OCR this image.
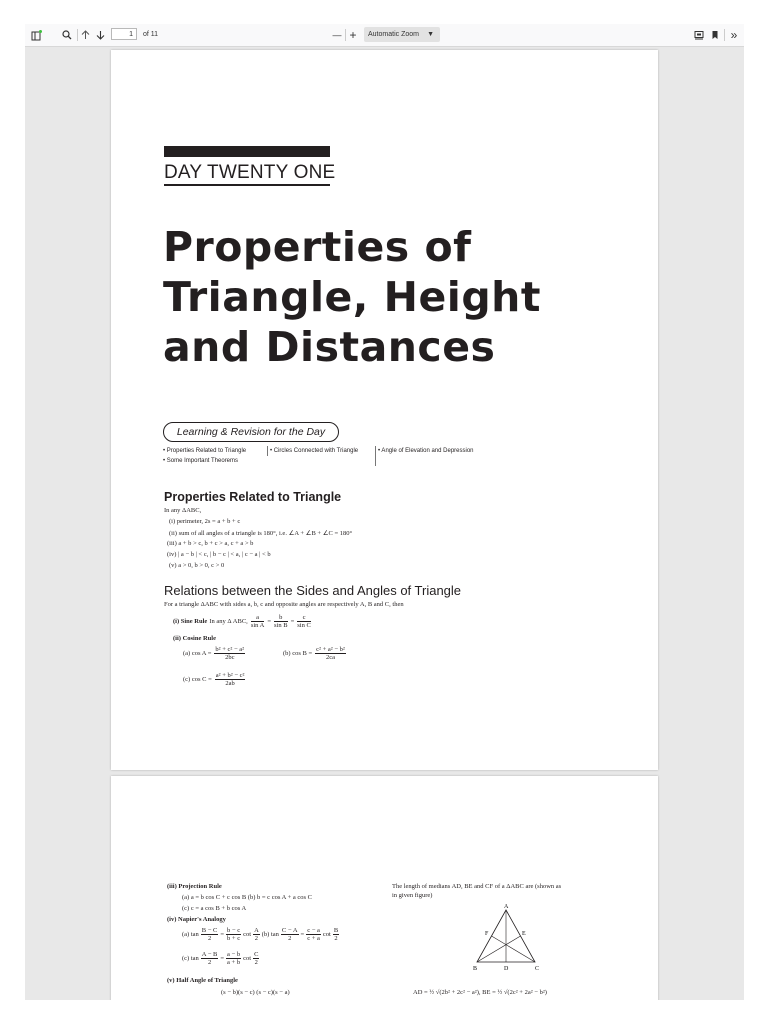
1	of 11	— +	Automatic Zoom ▼	»
DAY TWENTY ONE
Properties of
Triangle, Height
and Distances
Learning & Revision for the Day
• Properties Related to Triangle	• Circles Connected with Triangle	• Angle of Elevation and Depression
• Some Important Theorems
Properties Related to Triangle
In any ΔABC,
(i) perimeter, 2s = a + b + c
(ii) sum of all angles of a triangle is 180°, i.e. ∠A + ∠B + ∠C = 180°
(iii) a + b > c, b + c > a, c + a > b
(iv) | a − b | < c, | b − c | < a, | c − a | < b
(v) a > 0, b > 0, c > 0
Relations between the Sides and Angles of Triangle
For a triangle ΔABC with sides a, b, c and opposite angles are respectively A, B and C, then
(i) Sine Rule In any Δ ABC, $\frac{a}{\text{sin A}} = \frac{b}{\text{sin B}} = \frac{c}{\text{sin C}}$
(ii) Cosine Rule
(a) $\cos A = \frac{\text{b² + c² − a²}}{2bc}$	(b) $\cos B = \frac{\text{c² + a² − b²}}{2ca}$
(c) $\cos C = \frac{\text{a² + b² − c²}}{2ab}$
(iii) Projection Rule
(a) a = b cos C + c cos B (b) b = c cos A + a cos C
(c) c = a cos B + b cos A
(iv) Napier's Analogy
(a) $\tan \frac{B - C}{2} = \frac{b - c}{b + c}$ $\cot \frac{A}{2} (b)$ $\tan \frac{C - A}{2} = \frac{c - a}{c + a}$ $\cot \frac{B}{2}$
(c) $\tan \frac{A - B}{2} = \frac{a - b}{a + b}$ $\cot \frac{C}{2}$
(v) Half Angle of Triangle
(s − b)(s − c) (s − c)(s − a)
The length of medians AD, BE and CF of a ΔABC are (shown as
in given figure)
A
B	C
D
E
F
AD = ½ √(2b² + 2c² − a²), BE = ½ √(2c² + 2a² − b²)
